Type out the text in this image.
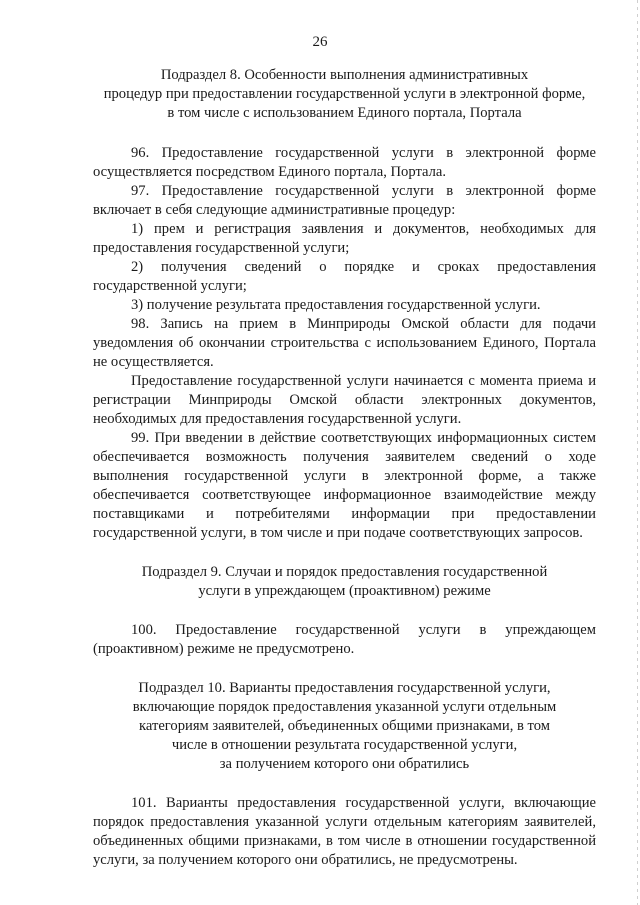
26
Подраздел 8. Особенности выполнения административных
процедур при предоставлении государственной услуги в электронной форме,
в том числе с использованием Единого портала, Портала

96. Предоставление государственной услуги в электронной форме осуществляется посредством Единого портала, Портала.

97. Предоставление государственной услуги в электронной форме включает в себя следующие административные процедур:

1) прем и регистрация заявления и документов, необходимых для предоставления государственной услуги;

2) получения сведений о порядке и сроках предоставления государственной услуги;

3) получение результата предоставления государственной услуги.

98. Запись на прием в Минприроды Омской области для подачи уведомления об окончании строительства с использованием Единого, Портала не осуществляется.

Предоставление государственной услуги начинается с момента приема и регистрации Минприроды Омской области электронных документов, необходимых для предоставления государственной услуги.

99. При введении в действие соответствующих информационных систем обеспечивается возможность получения заявителем сведений о ходе выполнения государственной услуги в электронной форме, а также обеспечивается соответствующее информационное взаимодействие между поставщиками и потребителями информации при предоставлении государственной услуги, в том числе и при подаче соответствующих запросов.

Подраздел 9. Случаи и порядок предоставления государственной
услуги в упреждающем (проактивном) режиме

100. Предоставление государственной услуги в упреждающем (проактивном) режиме не предусмотрено.

Подраздел 10. Варианты предоставления государственной услуги,
включающие порядок предоставления указанной услуги отдельным
категориям заявителей, объединенных общими признаками, в том
числе в отношении результата государственной услуги,
за получением которого они обратились

101. Варианты предоставления государственной услуги, включающие порядок предоставления указанной услуги отдельным категориям заявителей, объединенных общими признаками, в том числе в отношении государственной услуги, за получением которого они обратились, не предусмотрены.
